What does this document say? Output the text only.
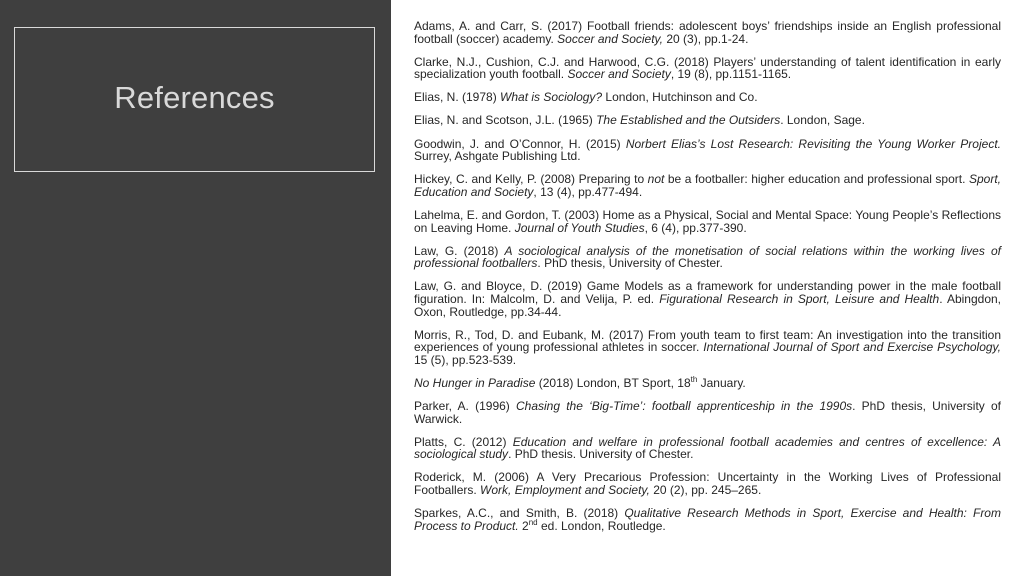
References

Adams, A. and Carr, S. (2017) Football friends: adolescent boys’ friendships inside an English professional football (soccer) academy. Soccer and Society, 20 (3), pp.1-24.

Clarke, N.J., Cushion, C.J. and Harwood, C.G. (2018) Players’ understanding of talent identification in early specialization youth football. Soccer and Society, 19 (8), pp.1151-1165.

Elias, N. (1978) What is Sociology? London, Hutchinson and Co.

Elias, N. and Scotson, J.L. (1965) The Established and the Outsiders. London, Sage.

Goodwin, J. and O’Connor, H. (2015) Norbert Elias’s Lost Research: Revisiting the Young Worker Project. Surrey, Ashgate Publishing Ltd.

Hickey, C. and Kelly, P. (2008) Preparing to not be a footballer: higher education and professional sport. Sport, Education and Society, 13 (4), pp.477-494.

Lahelma, E. and Gordon, T. (2003) Home as a Physical, Social and Mental Space: Young People’s Reflections on Leaving Home. Journal of Youth Studies, 6 (4), pp.377-390.

Law, G. (2018) A sociological analysis of the monetisation of social relations within the working lives of professional footballers. PhD thesis, University of Chester.

Law, G. and Bloyce, D. (2019) Game Models as a framework for understanding power in the male football figuration. In: Malcolm, D. and Velija, P. ed. Figurational Research in Sport, Leisure and Health. Abingdon, Oxon, Routledge, pp.34-44.

Morris, R., Tod, D. and Eubank, M. (2017) From youth team to first team: An investigation into the transition experiences of young professional athletes in soccer. International Journal of Sport and Exercise Psychology, 15 (5), pp.523-539.

No Hunger in Paradise (2018) London, BT Sport, 18th January.

Parker, A. (1996) Chasing the ‘Big-Time’: football apprenticeship in the 1990s. PhD thesis, University of Warwick.

Platts, C. (2012) Education and welfare in professional football academies and centres of excellence: A sociological study. PhD thesis. University of Chester.

Roderick, M. (2006) A Very Precarious Profession: Uncertainty in the Working Lives of Professional Footballers. Work, Employment and Society, 20 (2), pp. 245–265.

Sparkes, A.C., and Smith, B. (2018) Qualitative Research Methods in Sport, Exercise and Health: From Process to Product. 2nd ed. London, Routledge.
